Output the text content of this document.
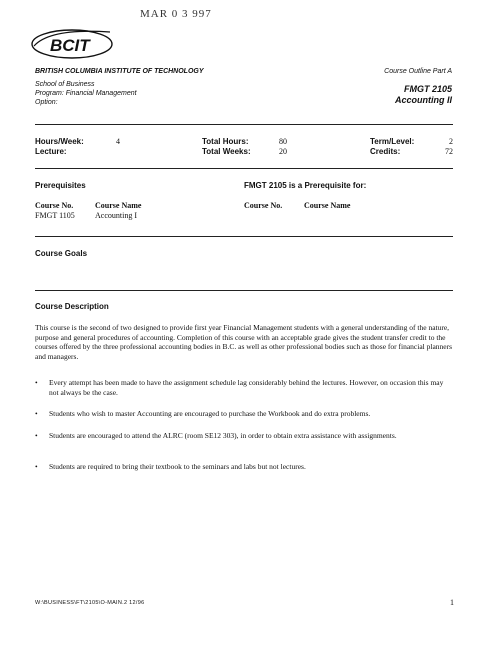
MAR 0 3 997
BCIT
BRITISH COLUMBIA INSTITUTE OF TECHNOLOGY	Course Outline Part A
School of Business
Program: Financial Management
Option:
FMGT 2105
Accounting II
Hours/Week:	4
Lecture:
Total Hours:	80
Total Weeks:	20
Term/Level:	2
Credits:	72
Prerequisites	FMGT 2105 is a Prerequisite for:
Course No.	Course Name
FMGT 1105	Accounting I
Course No.	Course Name
Course Goals
Course Description
This course is the second of two designed to provide first year Financial Management students with a general understanding of the nature, purpose and general procedures of accounting. Completion of this course with an acceptable grade gives the student transfer credit to the courses offered by the three professional accounting bodies in B.C. as well as other professional bodies such as those for financial planners and managers.
•	Every attempt has been made to have the assignment schedule lag considerably behind the lectures. However, on occasion this may not always be the case.
•	Students who wish to master Accounting are encouraged to purchase the Workbook and do extra problems.
•	Students are encouraged to attend the ALRC (room SE12 303), in order to obtain extra assistance with assignments.
•	Students are required to bring their textbook to the seminars and labs but not lectures.
W:\BUSINESS\FT\2105\O-MAIN.2 12/96	1
